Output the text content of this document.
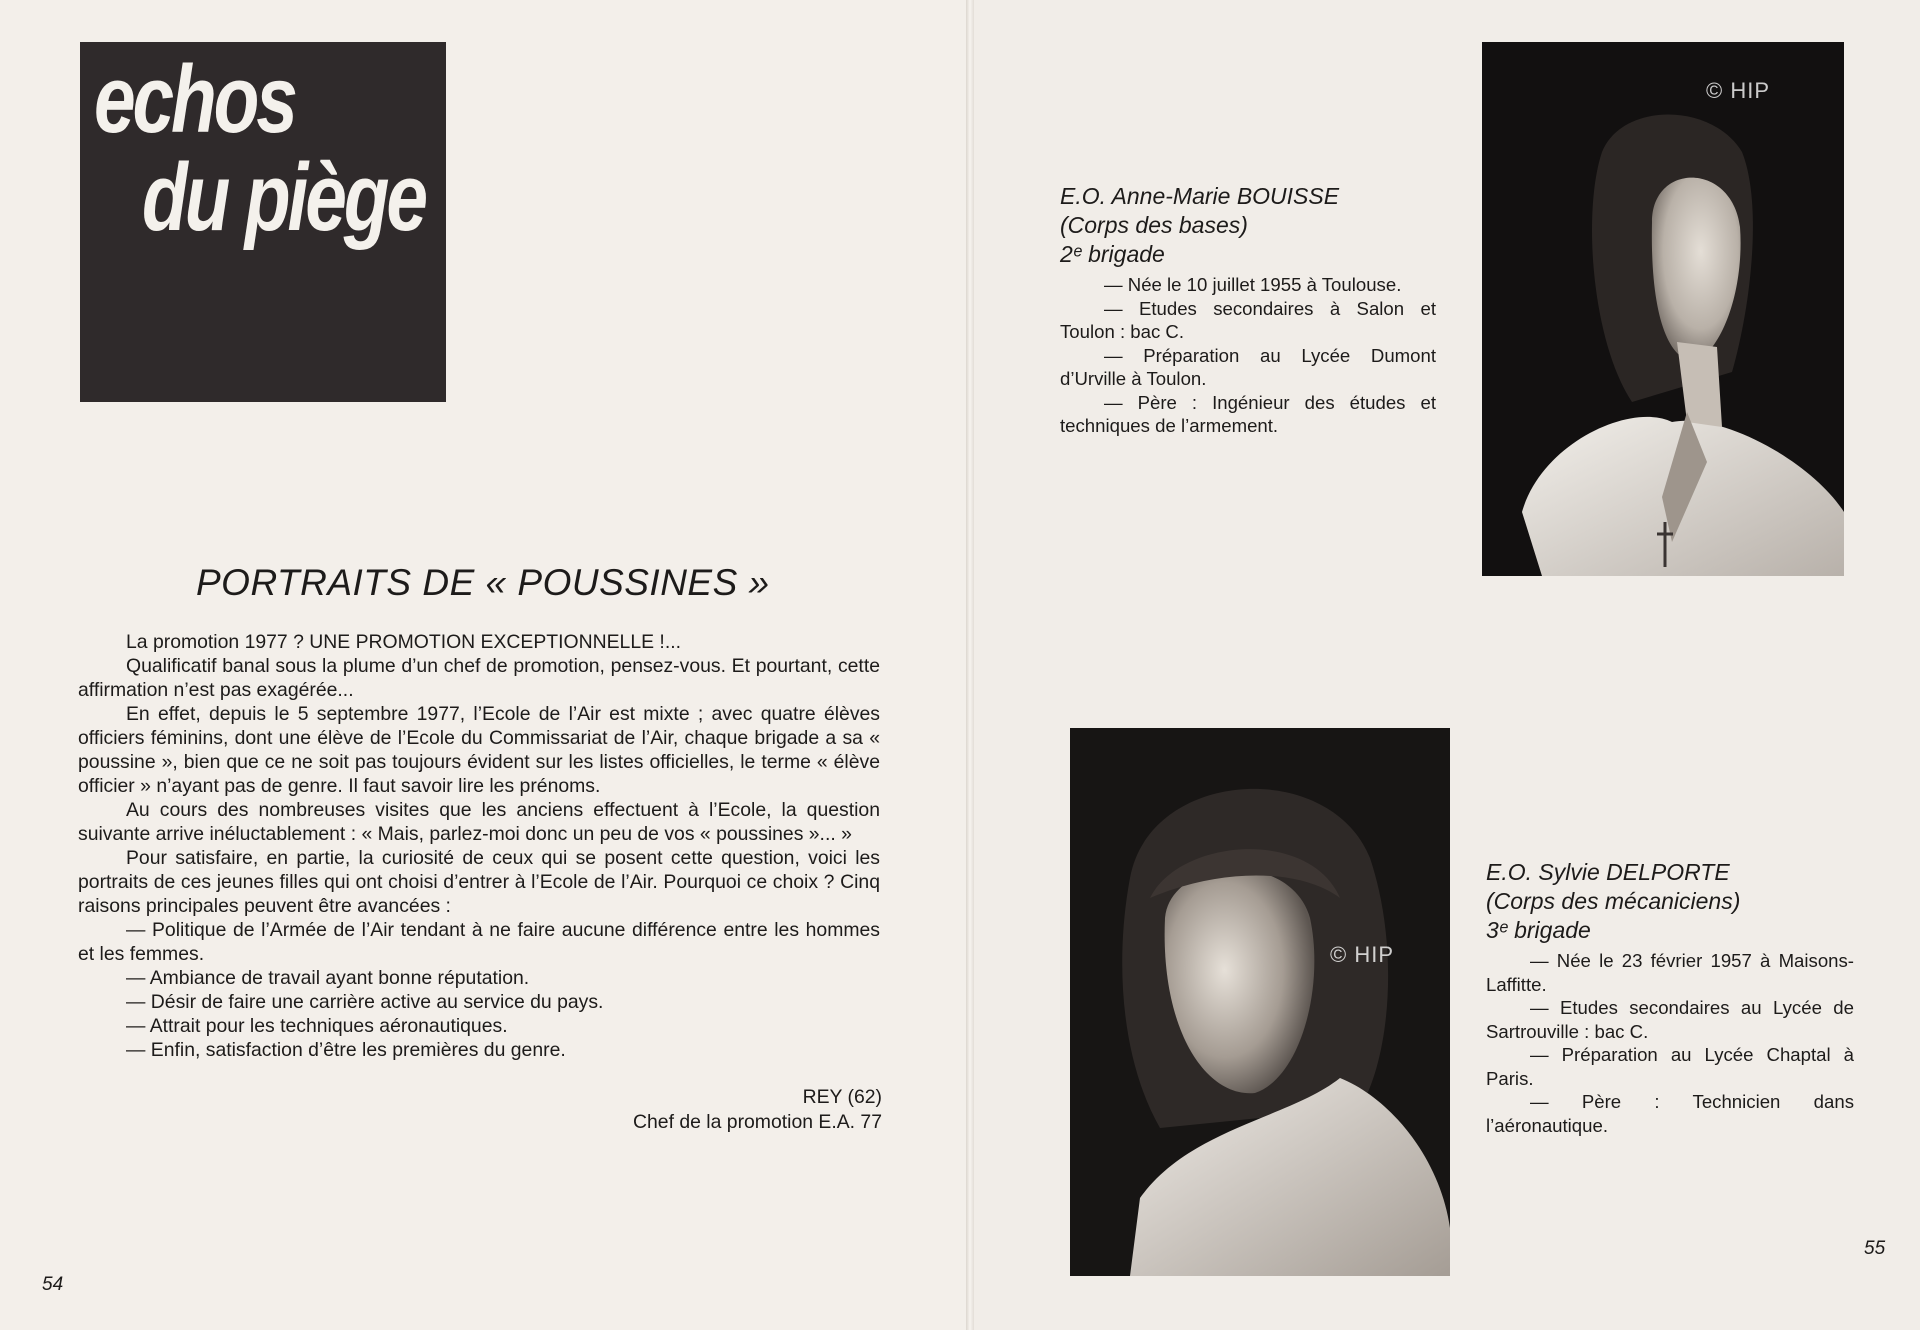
echos
du piège
PORTRAITS DE « POUSSINES »

La promotion 1977 ? UNE PROMOTION EXCEPTIONNELLE !...

Qualificatif banal sous la plume d’un chef de promotion, pensez-vous. Et pourtant, cette affirmation n’est pas exagérée...

En effet, depuis le 5 septembre 1977, l’Ecole de l’Air est mixte ; avec quatre élèves officiers féminins, dont une élève de l’Ecole du Commissariat de l’Air, chaque brigade a sa « poussine », bien que ce ne soit pas toujours évident sur les listes officielles, le terme « élève officier » n’ayant pas de genre. Il faut savoir lire les prénoms.

Au cours des nombreuses visites que les anciens effectuent à l’Ecole, la question suivante arrive inéluctablement : « Mais, parlez-moi donc un peu de vos « poussines »... »

Pour satisfaire, en partie, la curiosité de ceux qui se posent cette question, voici les portraits de ces jeunes filles qui ont choisi d’entrer à l’Ecole de l’Air. Pourquoi ce choix ? Cinq raisons principales peuvent être avancées :

— Politique de l’Armée de l’Air tendant à ne faire aucune différence entre les hommes et les femmes.

— Ambiance de travail ayant bonne réputation.

— Désir de faire une carrière active au service du pays.

— Attrait pour les techniques aéronautiques.

— Enfin, satisfaction d’être les premières du genre.

REY (62)
Chef de la promotion E.A. 77
54
© HIP
E.O. Anne-Marie BOUISSE
(Corps des bases)
2ᵉ brigade
— Née le 10 juillet 1955 à Toulouse.
— Etudes secondaires à Salon et Toulon : bac C.
— Préparation au Lycée Dumont d’Urville à Toulon.
— Père : Ingénieur des études et techniques de l’armement.
© HIP
E.O. Sylvie DELPORTE
(Corps des mécaniciens)
3ᵉ brigade
— Née le 23 février 1957 à Maisons-Laffitte.
— Etudes secondaires au Lycée de Sartrouville : bac C.
— Préparation au Lycée Chaptal à Paris.
— Père : Technicien dans l’aéronautique.
55
